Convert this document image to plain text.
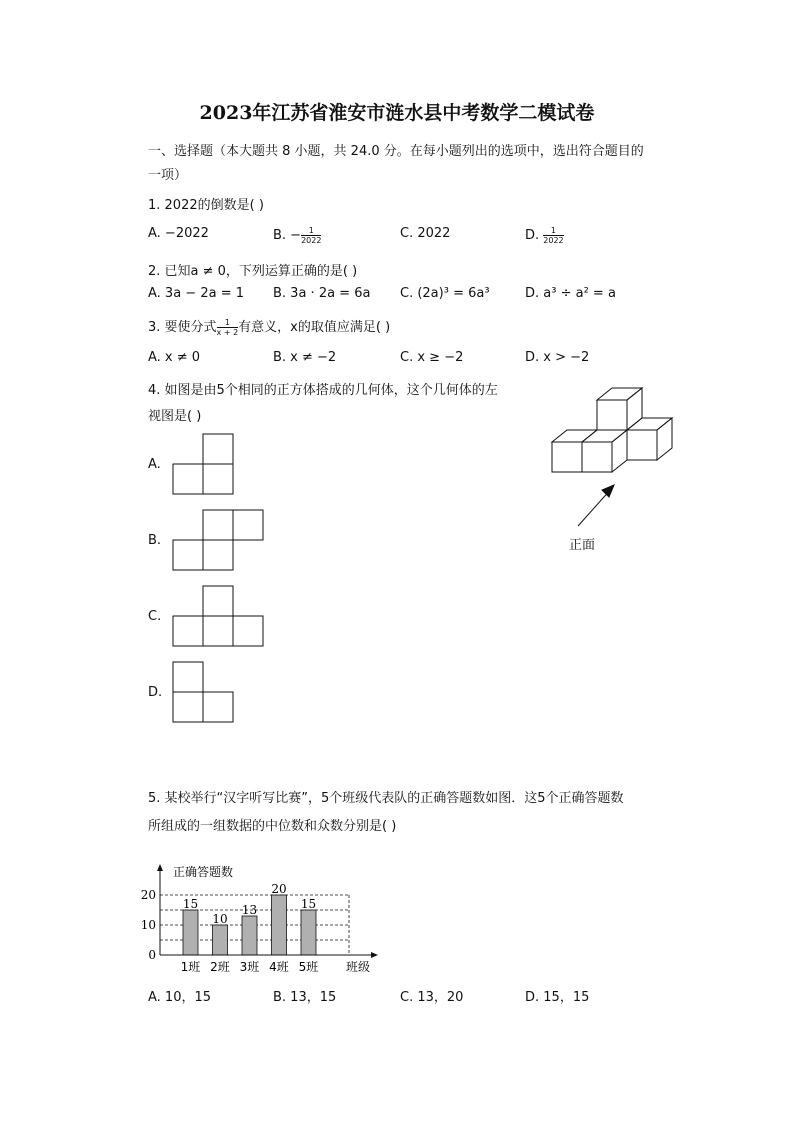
2023年江苏省淮安市涟水县中考数学二模试卷
一、选择题（本大题共 8 小题，共 24.0 分。在每小题列出的选项中，选出符合题目的
一项）
1. 2022的倒数是( )
A. −2022	B. − $\frac{1}{2022}$	C. 2022	D. $\frac{1}{2022}$
2. 已知a ≠ 0，下列运算正确的是( )
A. 3a − 2a = 1 B. 3a · 2a = 6a C. (2a)³ = 6a³	D. a³ ÷ a² = a
3. 要使分式 $\frac{1}{x + 2}$ 有意义，x的取值应满足( )
A. x ≠ 0	B. x ≠ −2	C. x ≥ −2	D. x > −2
4. 如图是由5个相同的正方体搭成的几何体，这个几何体的左
视图是( )
A.
B.
C.
D.
正面
5. 某校举行“汉字听写比赛”，5个班级代表队的正确答题数如图．这5个正确答题数
所组成的一组数据的中位数和众数分别是( )
0
10
20
15
1班
10
2班
13
3班
20
4班
15
5班
正确答题数
班级
A. 10，15	B. 13，15	C. 13，20	D. 15，15
